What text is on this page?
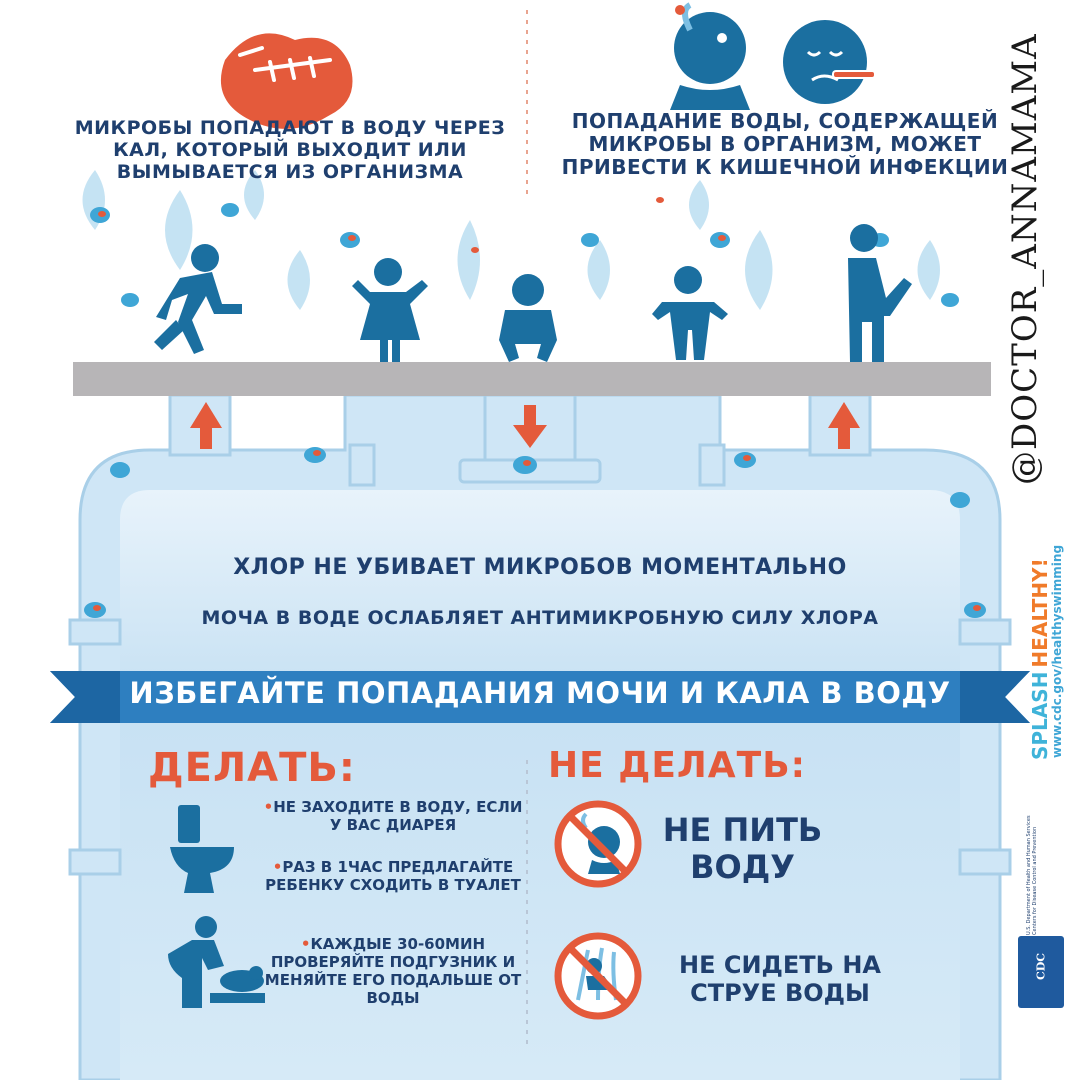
МИКРОБЫ ПОПАДАЮТ В ВОДУ ЧЕРЕЗ КАЛ, КОТОРЫЙ ВЫХОДИТ ИЛИ ВЫМЫВАЕТСЯ ИЗ ОРГАНИЗМА
ПОПАДАНИЕ ВОДЫ, СОДЕРЖАЩЕЙ МИКРОБЫ В ОРГАНИЗМ, МОЖЕТ ПРИВЕСТИ К КИШЕЧНОЙ ИНФЕКЦИИ
@DOCTOR_ANNAMAMA
ХЛОР НЕ УБИВАЕТ МИКРОБОВ МОМЕНТАЛЬНО
МОЧА В ВОДЕ ОСЛАБЛЯЕТ АНТИМИКРОБНУЮ СИЛУ ХЛОРА
ИЗБЕГАЙТЕ ПОПАДАНИЯ МОЧИ И КАЛА В ВОДУ
ДЕЛАТЬ:
•НЕ ЗАХОДИТЕ В ВОДУ, ЕСЛИ У ВАС ДИАРЕЯ
•РАЗ В 1ЧАС ПРЕДЛАГАЙТЕ РЕБЕНКУ СХОДИТЬ В ТУАЛЕТ
•КАЖДЫЕ 30-60МИН ПРОВЕРЯЙТЕ ПОДГУЗНИК И МЕНЯЙТЕ ЕГО ПОДАЛЬШЕ ОТ ВОДЫ
НЕ ДЕЛАТЬ:
НЕ ПИТЬ ВОДУ
НЕ СИДЕТЬ НА СТРУЕ ВОДЫ
SPLASHHEALTHY!
www.cdc.gov/healthyswimming
U.S. Department of Health and Human Services Centers for Disease Control and Prevention
CDC
